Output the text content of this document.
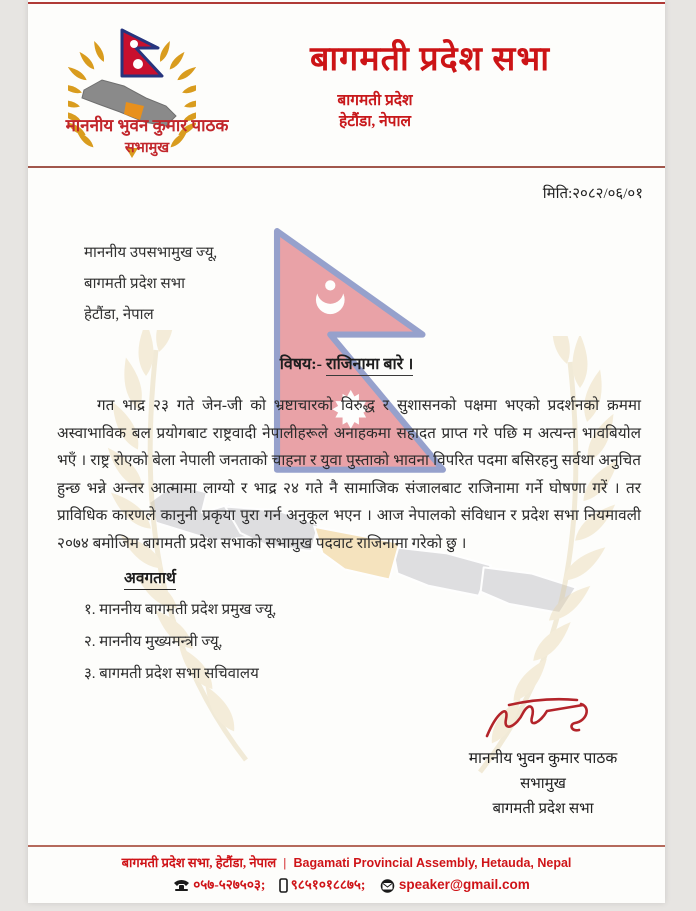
माननीय भुवन कुमार पाठक
सभामुख
बागमती प्रदेश सभा
बागमती प्रदेश
हेटौंडा, नेपाल
मिति:२०८२/०६/०१
माननीय उपसभामुख ज्यू,
बागमती प्रदेश सभा
हेटौंडा, नेपाल
विषय:- राजिनामा बारे ।
गत भाद्र २३ गते जेन-जी को भ्रष्टाचारको विरुद्ध र सुशासनको पक्षमा भएको प्रदर्शनको क्रममा अस्वाभाविक बल प्रयोगबाट राष्ट्रवादी नेपालीहरूले अनाहकमा सहादत प्राप्त गरे पछि म अत्यन्त भावबियोल भएँ । राष्ट्र रोएको बेला नेपाली जनताको चाहना र युवा पुस्ताको भावना विपरित पदमा बसिरहनु सर्वथा अनुचित हुन्छ भन्ने अन्तर आत्मामा लाग्यो र भाद्र २४ गते नै सामाजिक संजालबाट राजिनामा गर्ने घोषणा गरें । तर प्राविधिक कारणले कानुनी प्रकृया पुरा गर्न अनुकूल भएन । आज नेपालको संविधान र प्रदेश सभा नियमावली २०७४ बमोजिम बागमती प्रदेश सभाको सभामुख पदवाट राजिनामा गरेको छु ।
अवगतार्थ
१. माननीय बागमती प्रदेश प्रमुख ज्यू,
२. माननीय मुख्यमन्त्री ज्यू,
३. बागमती प्रदेश सभा सचिवालय
माननीय भुवन कुमार पाठक
सभामुख
बागमती प्रदेश सभा
बागमती प्रदेश सभा, हेटौंडा, नेपाल | Bagamati Provincial Assembly, Hetauda, Nepal
०५७-५२७५०३; ९८५१०१८८७५; speaker@gmail.com
